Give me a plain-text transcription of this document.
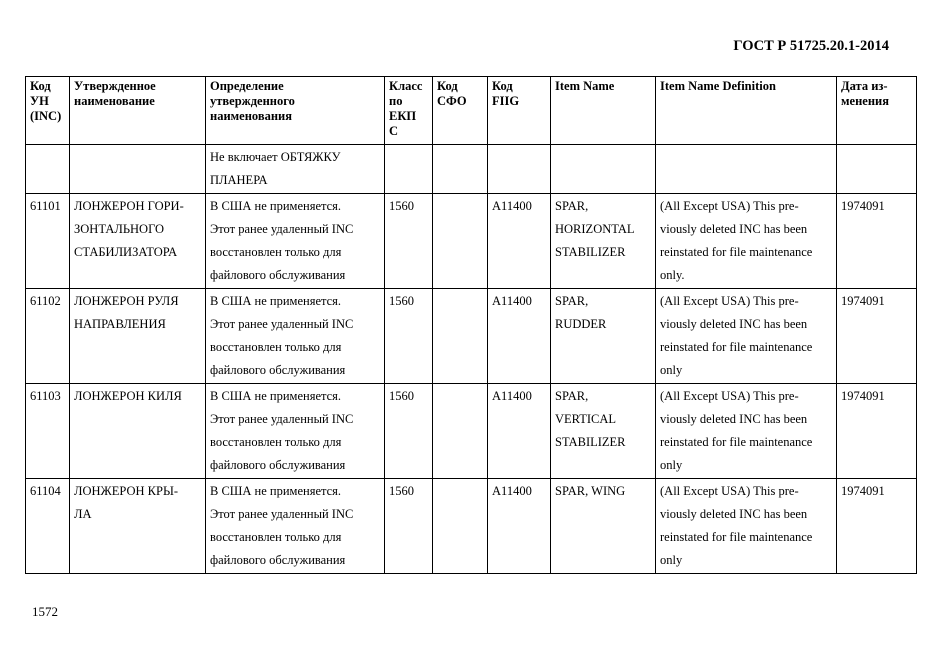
ГОСТ Р 51725.20.1-2014
Код
УН
(INC)	Утвержденное
наименование	Определение
утвержденного
наименования	Класс
по
ЕКП
С	Код
СФО	Код
FIIG	Item Name	Item Name Definition	Дата из-
менения

		Не включает ОБТЯЖКУ
ПЛАНЕРА						

61101	ЛОНЖЕРОН ГОРИ-
ЗОНТАЛЬНОГО
СТАБИЛИЗАТОРА	В США не применяется.
Этот ранее удаленный INC
восстановлен только для
файлового обслуживания	1560		A11400	SPAR,
HORIZONTAL
STABILIZER	(All Except USA) This pre-
viously deleted INC has been
reinstated for file maintenance
only.	1974091

61102	ЛОНЖЕРОН РУЛЯ
НАПРАВЛЕНИЯ	В США не применяется.
Этот ранее удаленный INC
восстановлен только для
файлового обслуживания	1560		A11400	SPAR,
RUDDER	(All Except USA) This pre-
viously deleted INC has been
reinstated for file maintenance
only	1974091

61103	ЛОНЖЕРОН КИЛЯ	В США не применяется.
Этот ранее удаленный INC
восстановлен только для
файлового обслуживания	1560		A11400	SPAR,
VERTICAL
STABILIZER	(All Except USA) This pre-
viously deleted INC has been
reinstated for file maintenance
only	1974091

61104	ЛОНЖЕРОН КРЫ-
ЛА	В США не применяется.
Этот ранее удаленный INC
восстановлен только для
файлового обслуживания	1560		A11400	SPAR, WING	(All Except USA) This pre-
viously deleted INC has been
reinstated for file maintenance
only	1974091
1572
